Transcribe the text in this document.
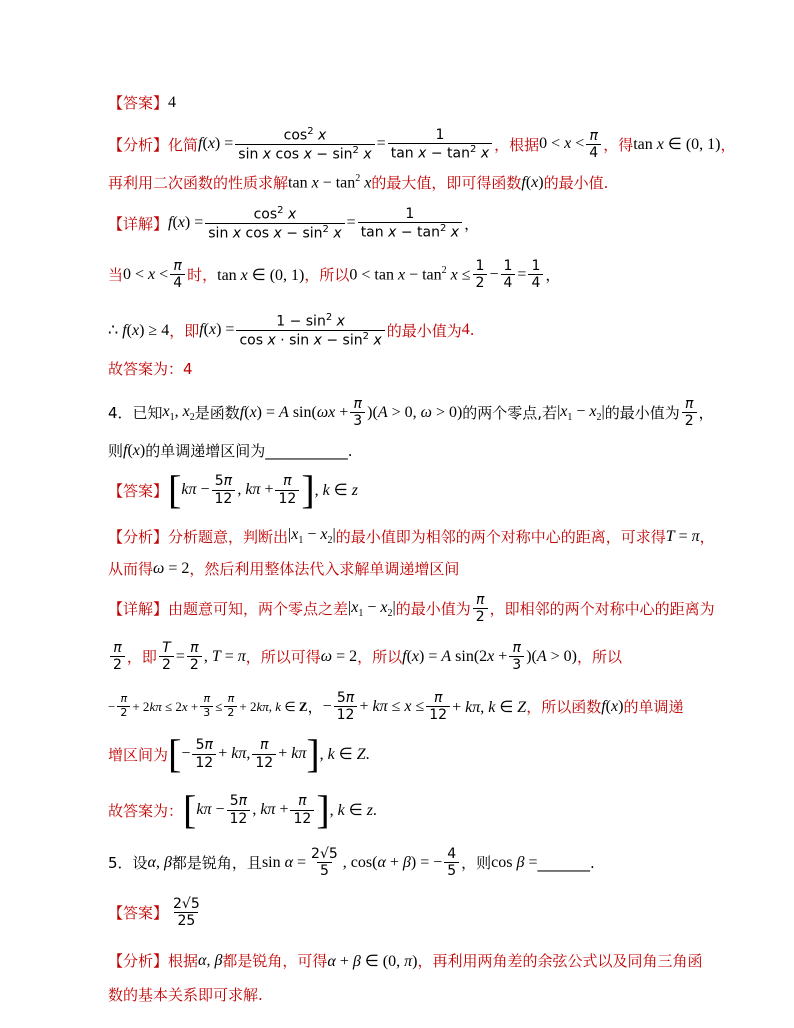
【答案】 4
【分析】 化简 f ( x ) = $\frac{\cos^2 x}{\sin x \cos x - \sin^2 x} = \frac{1}{\tan x - \tan^2 x}$ ，根据 $0 < x < \frac{\pi}{4}$ ，得 tan x ∈ (0, 1) ，
再利用二次函数的性质求解 $\tan x - \tan^2 x$ 的最大值，即可得函数 f(x) 的最小值.
【详解】 $f(x) = \frac{\cos^2 x}{\sin x \cos x - \sin^2 x} = \frac{1}{\tan x - \tan^2 x}$ ，
当 $0 < x < \frac{\pi}{4}$ 时， tan x ∈ (0, 1) ，所以 $0 < \tan x - \tan^2 x \le \frac{1}{2} - \frac{1}{4} = \frac{1}{4}$ ，
∴ f(x) ≥ 4 ，即 $f(x) = \frac{1 - \sin^2 x}{\cos x \cdot \sin x - \sin^2 x}$ 的最小值为 4 .
故答案为：4
4．已知 $x_1$, $x_2$ 是函数 f(x) = A $\sin(\omega x + \frac{\pi}{3} )(A > 0$, ω > 0) 的两个零点,若 $|x_1 - x_2|$ 的最小值为 $\frac{\pi}{2}$ ，
则 f(x) 的单调递增区间为 ___________ .
【答案】 [ $k\pi - \frac{5\pi}{12}$ , $k\pi + \frac{\pi}{12}$ ] , k ∈ z
【分析】 分析题意，判断出 $|x_1 - x_2|$ 的最小值即为相邻的两个对称中心的距离，可求得 T = π ，
从而得 ω = 2 ，然后利用整体法代入求解单调递增区间
【详解】 由题意可知，两个零点之差 $|x_1 - x_2|$ 的最小值为 $\frac{\pi}{2}$ ，即相邻的两个对称中心的距离为
$\frac{\pi}{2}$ ，即 $\frac{T}{2} = \frac{\pi}{2}$ , T = π ，所以可得 ω = 2 ，所以 f(x) = A $\sin(2x + \frac{\pi}{3} )(A > 0)$ ，所以
− $\frac{\pi}{2} + 2k\pi \le 2x + \frac{\pi}{3} \le \frac{\pi}{2} + 2k\pi$, k ∈ Z ， − $\frac{5\pi}{12} + k\pi \le x \le \frac{\pi}{12} + k\pi$, k ∈ Z ，所以函数 f(x) 的单调递
增区间为 [ − $\frac{5\pi}{12} + k\pi$, $\frac{\pi}{12} + k\pi$ ] , k ∈ Z.
故答案为： [ $k\pi - \frac{5\pi}{12}$ , $k\pi + \frac{\pi}{12}$ ] , k ∈ z.
5．设 α, β 都是锐角，且 $\sin \alpha = \frac{2√5}{5}$ , cos(α + β) = − $\frac{4}{5}$ ，则 cos β = _______ .
【答案】 $\frac{2√5}{25}$
【分析】 根据 α, β 都是锐角，可得 α + β ∈ (0, π) ，再利用两角差的余弦公式以及同角三角函
数的基本关系即可求解.
